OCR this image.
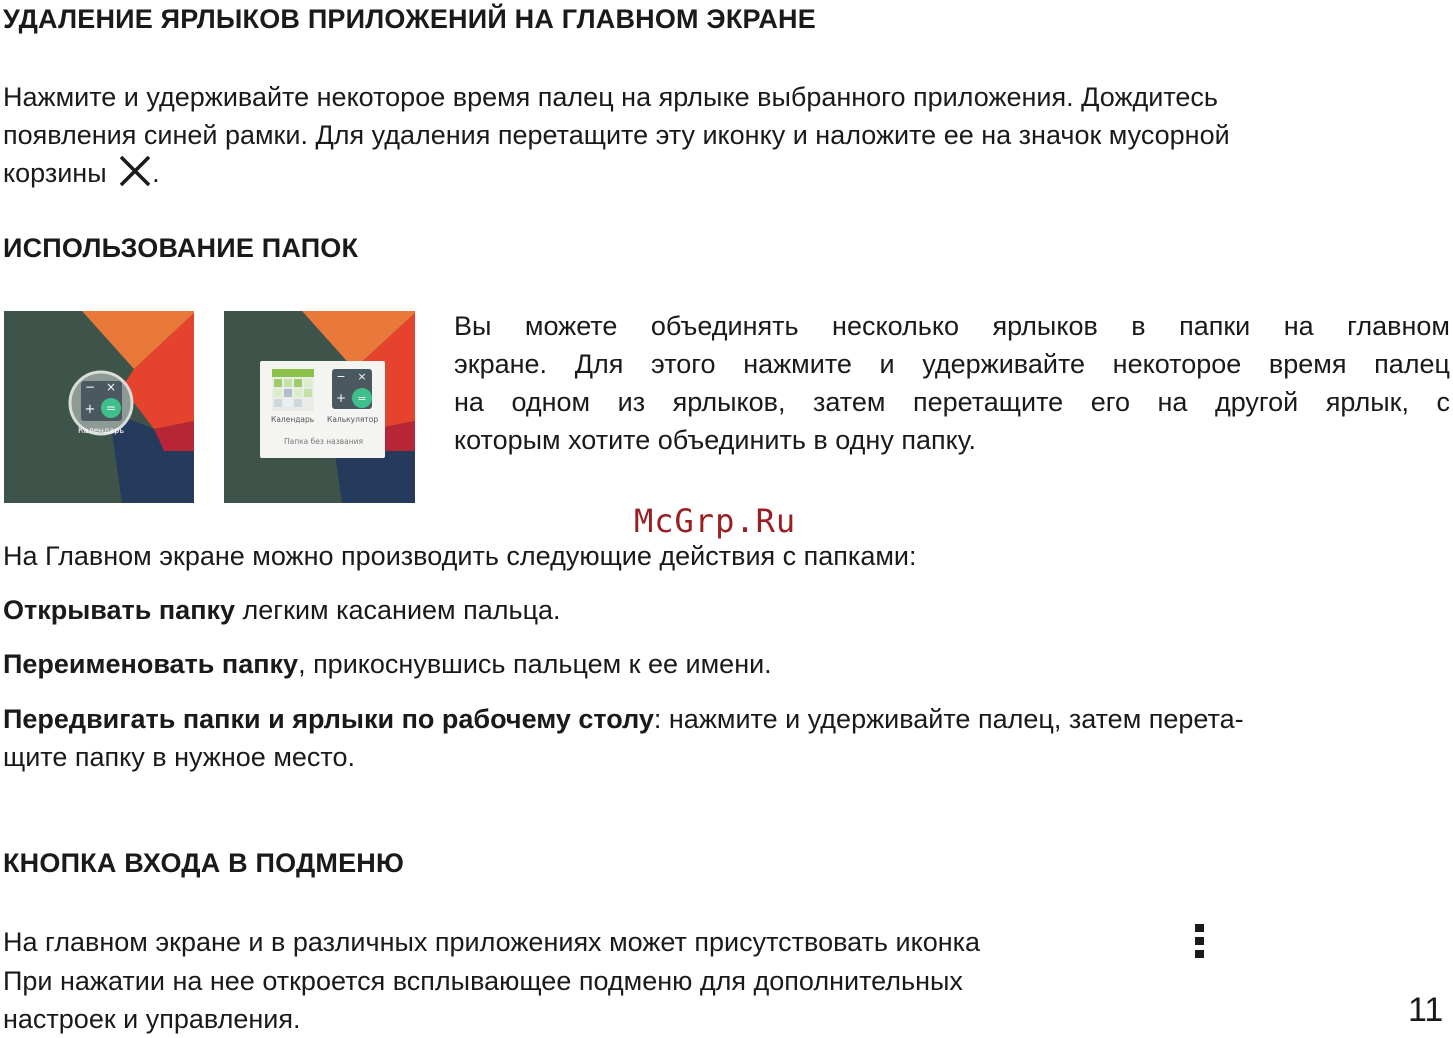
УДАЛЕНИЕ ЯРЛЫКОВ ПРИЛОЖЕНИЙ НА ГЛАВНОМ ЭКРАНЕ
Нажмите и удерживайте некоторое время палец на ярлыке выбранного приложения. Дождитесь
появления синей рамки. Для удаления перетащите эту иконку и наложите ее на значок мусорной
корзины .
ИСПОЛЬЗОВАНИЕ ПАПОК
− ×
+ =
Календарь
− ×
+ =
Календарь Калькулятор
Папка без названия
Вы можете объединять несколько ярлыков в папки на главном
экране. Для этого нажмите и удерживайте некоторое время палец
на одном из ярлыков, затем перетащите его на другой ярлык, с
которым хотите объединить в одну папку.
McGrp.Ru
На Главном экране можно производить следующие действия с папками:
Открывать папку легким касанием пальца.
Переименовать папку, прикоснувшись пальцем к ее имени.
Передвигать папки и ярлыки по рабочему столу: нажмите и удерживайте палец, затем перета-
щите папку в нужное место.
КНОПКА ВХОДА В ПОДМЕНЮ
На главном экране и в различных приложениях может присутствовать иконка
При нажатии на нее откроется всплывающее подменю для дополнительных
настроек и управления.	11
